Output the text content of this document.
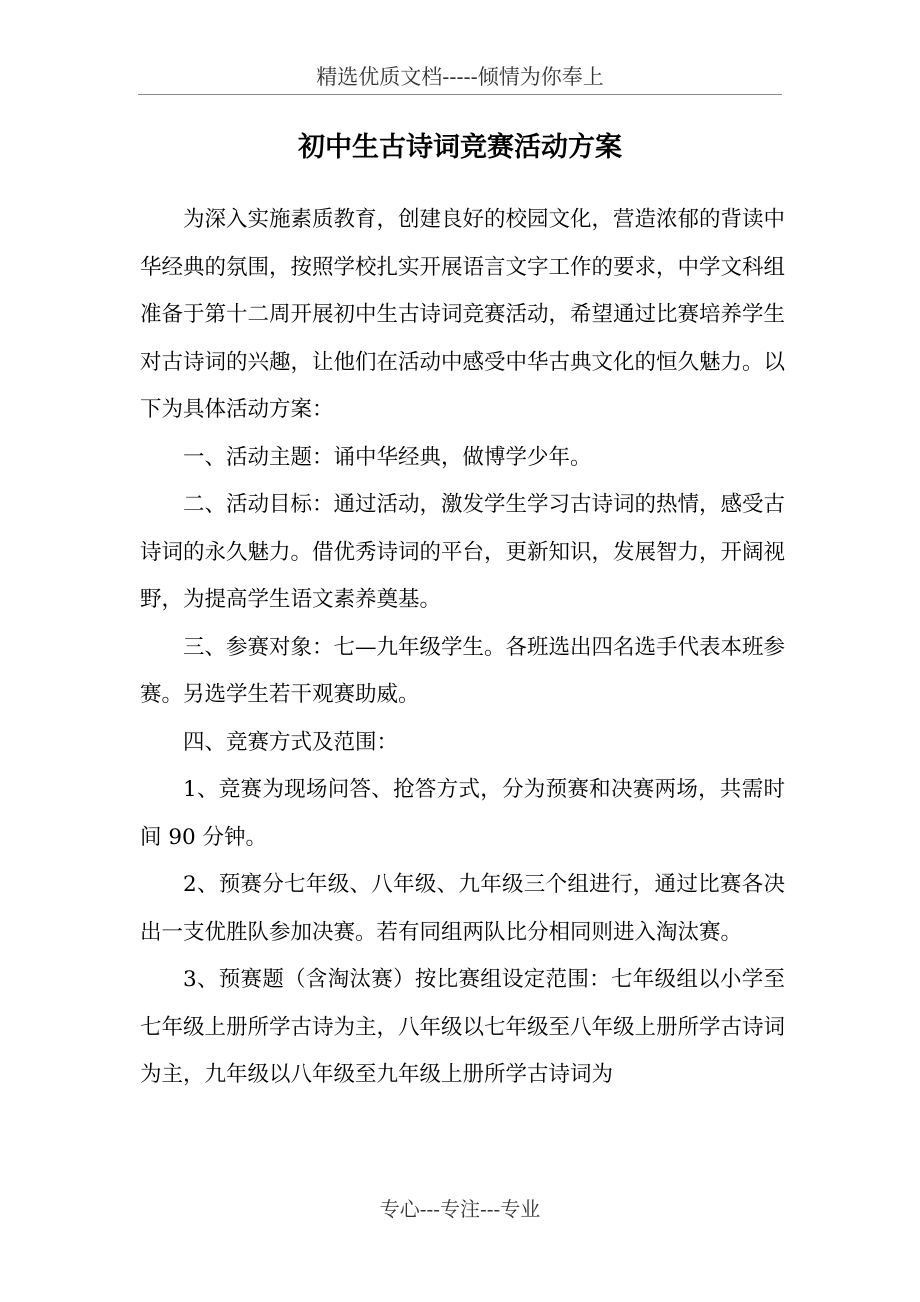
精选优质文档-----倾情为你奉上
初中生古诗词竞赛活动方案

为深入实施素质教育，创建良好的校园文化，营造浓郁的背读中华经典的氛围，按照学校扎实开展语言文字工作的要求，中学文科组准备于第十二周开展初中生古诗词竞赛活动，希望通过比赛培养学生对古诗词的兴趣，让他们在活动中感受中华古典文化的恒久魅力。以下为具体活动方案：

一、活动主题：诵中华经典，做博学少年。

二、活动目标：通过活动，激发学生学习古诗词的热情，感受古诗词的永久魅力。借优秀诗词的平台，更新知识，发展智力，开阔视野，为提高学生语文素养奠基。

三、参赛对象：七—九年级学生。各班选出四名选手代表本班参赛。另选学生若干观赛助威。

四、竞赛方式及范围：

1、竞赛为现场问答、抢答方式，分为预赛和决赛两场，共需时间 90 分钟。

2、预赛分七年级、八年级、九年级三个组进行，通过比赛各决出一支优胜队参加决赛。若有同组两队比分相同则进入淘汰赛。

3、预赛题（含淘汰赛）按比赛组设定范围：七年级组以小学至七年级上册所学古诗为主，八年级以七年级至八年级上册所学古诗词为主，九年级以八年级至九年级上册所学古诗词为

专心---专注---专业
